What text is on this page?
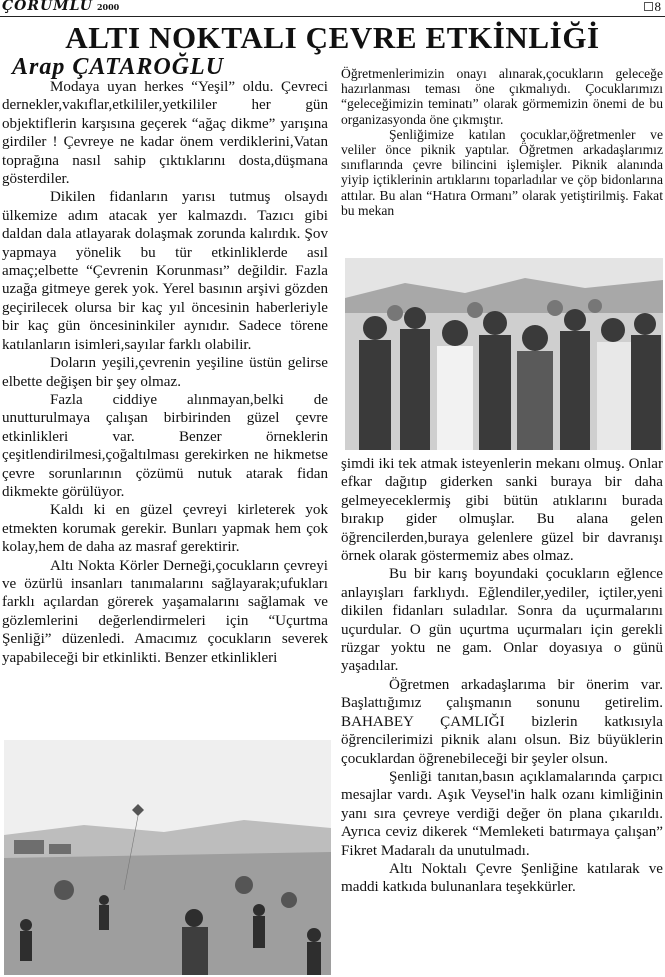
ÇORUMLU 2000	8
ALTI NOKTALI ÇEVRE ETKİNLİĞİ
Arap ÇATAROĞLU

Modaya uyan herkes “Yeşil” oldu. Çevreci dernekler,vakıflar,etkililer,yetkililer her gün objektiflerin karşısına geçerek “ağaç dikme” yarışına girdiler ! Çevreye ne kadar önem verdiklerini,Vatan toprağına nasıl sahip çıktıklarını dosta,düşmana gösterdiler.

Dikilen fidanların yarısı tutmuş olsaydı ülkemize adım atacak yer kalmazdı. Tazıcı gibi daldan dala atlayarak dolaşmak zorunda kalırdık. Şov yapmaya yönelik bu tür etkinliklerde asıl amaç;elbette “Çevrenin Korunması” değildir. Fazla uzağa gitmeye gerek yok. Yerel basının arşivi gözden geçirilecek olursa bir kaç yıl öncesinin haberleriyle bir kaç gün öncesininkiler aynıdır. Sadece törene katılanların isimleri,sayılar farklı olabilir.

Doların yeşili,çevrenin yeşiline üstün gelirse elbette değişen bir şey olmaz.

Fazla ciddiye alınmayan,belki de unutturulmaya çalışan birbirinden güzel çevre etkinlikleri var. Benzer örneklerin çeşitlendirilmesi,çoğaltılması gerekirken ne hikmetse çevre sorunlarının çözümü nutuk atarak fidan dikmekte görülüyor.

Kaldı ki en güzel çevreyi kirleterek yok etmekten korumak gerekir. Bunları yapmak hem çok kolay,hem de daha az masraf gerektirir.

Altı Nokta Körler Derneği,çocukların çevreyi ve özürlü insanları tanımalarını sağlayarak;ufukları farklı açılardan görerek yaşamalarını sağlamak ve gözlemlerini değerlendirmeleri için “Uçurtma Şenliği” düzenledi. Amacımız çocukların severek yapabileceği bir etkinlikti. Benzer etkinlikleri

Öğretmenlerimizin onayı alınarak,çocukların geleceğe hazırlanması teması öne çıkmalıydı. Çocuklarımızı “geleceğimizin teminatı” olarak görmemizin önemi de bu organizasyonda öne çıkmıştır.

Şenliğimize katılan çocuklar,öğretmenler ve veliler önce piknik yaptılar. Öğretmen arkadaşlarımız sınıflarında çevre bilincini işlemişler. Piknik alanında yiyip içtiklerinin artıklarını toparladılar ve çöp bidonlarına attılar. Bu alan “Hatıra Ormanı” olarak yetiştirilmiş. Fakat bu mekan

şimdi iki tek atmak isteyenlerin mekanı olmuş. Onlar efkar dağıtıp giderken sanki buraya bir daha gelmeyeceklermiş gibi bütün atıklarını burada bırakıp gider olmuşlar. Bu alana gelen öğrencilerden,buraya gelenlere güzel bir davranışı örnek olarak göstermemiz abes olmaz.

Bu bir karış boyundaki çocukların eğlence anlayışları farklıydı. Eğlendiler,yediler, içtiler,yeni dikilen fidanları suladılar. Sonra da uçurmalarını uçurdular. O gün uçurtma uçurmaları için gerekli rüzgar yoktu ne gam. Onlar doyasıya o günü yaşadılar.

Öğretmen arkadaşlarıma bir önerim var. Başlattığımız çalışmanın sonunu getirelim. BAHABEY ÇAMLIĞI bizlerin katkısıyla öğrencilerimizi piknik alanı olsun. Biz büyüklerin çocuklardan öğrenebileceği bir şeyler olsun.

Şenliği tanıtan,basın açıklamalarında çarpıcı mesajlar vardı. Aşık Veysel'in halk ozanı kimliğinin yanı sıra çevreye verdiği değer ön plana çıkarıldı. Ayrıca ceviz dikerek “Memleketi batırmaya çalışan” Fikret Madaralı da unutulmadı.

Altı Noktalı Çevre Şenliğine katılarak ve maddi katkıda bulunanlara teşekkürler.
